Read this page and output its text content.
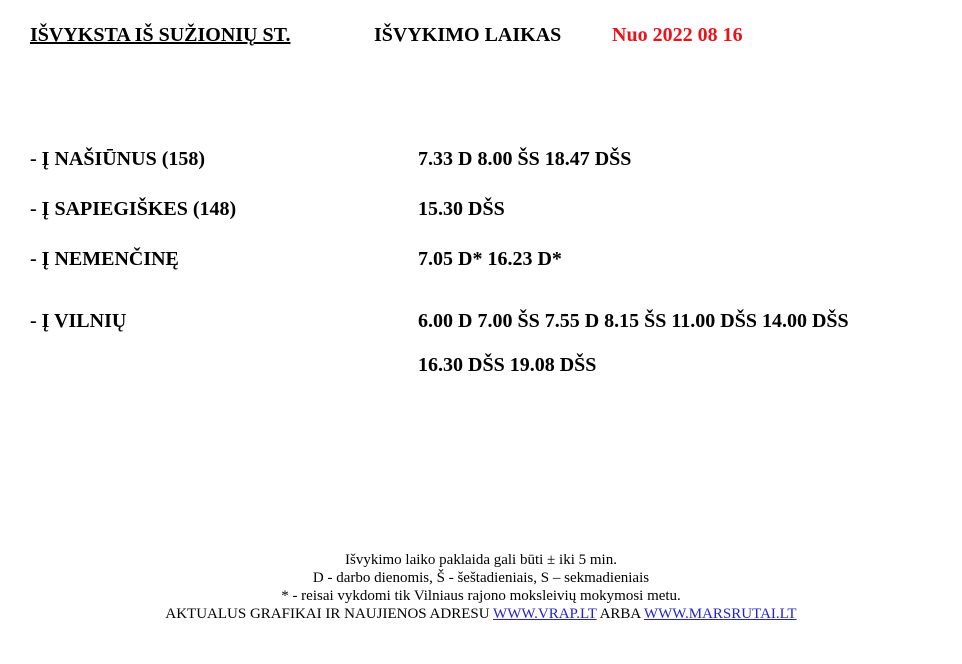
IŠVYKSTA IŠ SUŽIONIŲ ST.	IŠVYKIMO LAIKAS	Nuo 2022 08 16
- Į NAŠIŪNUS (158)	7.33 D 8.00 ŠS 18.47 DŠS
- Į SAPIEGIŠKES (148)	15.30 DŠS
- Į NEMENČINĘ	7.05 D* 16.23 D*
- Į VILNIŲ	6.00 D 7.00 ŠS 7.55 D 8.15 ŠS 11.00 DŠS 14.00 DŠS
16.30 DŠS 19.08 DŠS
Išvykimo laiko paklaida gali būti ± iki 5 min.
D - darbo dienomis, Š - šeštadieniais, S – sekmadieniais
* - reisai vykdomi tik Vilniaus rajono moksleivių mokymosi metu.
AKTUALUS GRAFIKAI IR NAUJIENOS ADRESU WWW.VRAP.LT ARBA WWW.MARSRUTAI.LT
